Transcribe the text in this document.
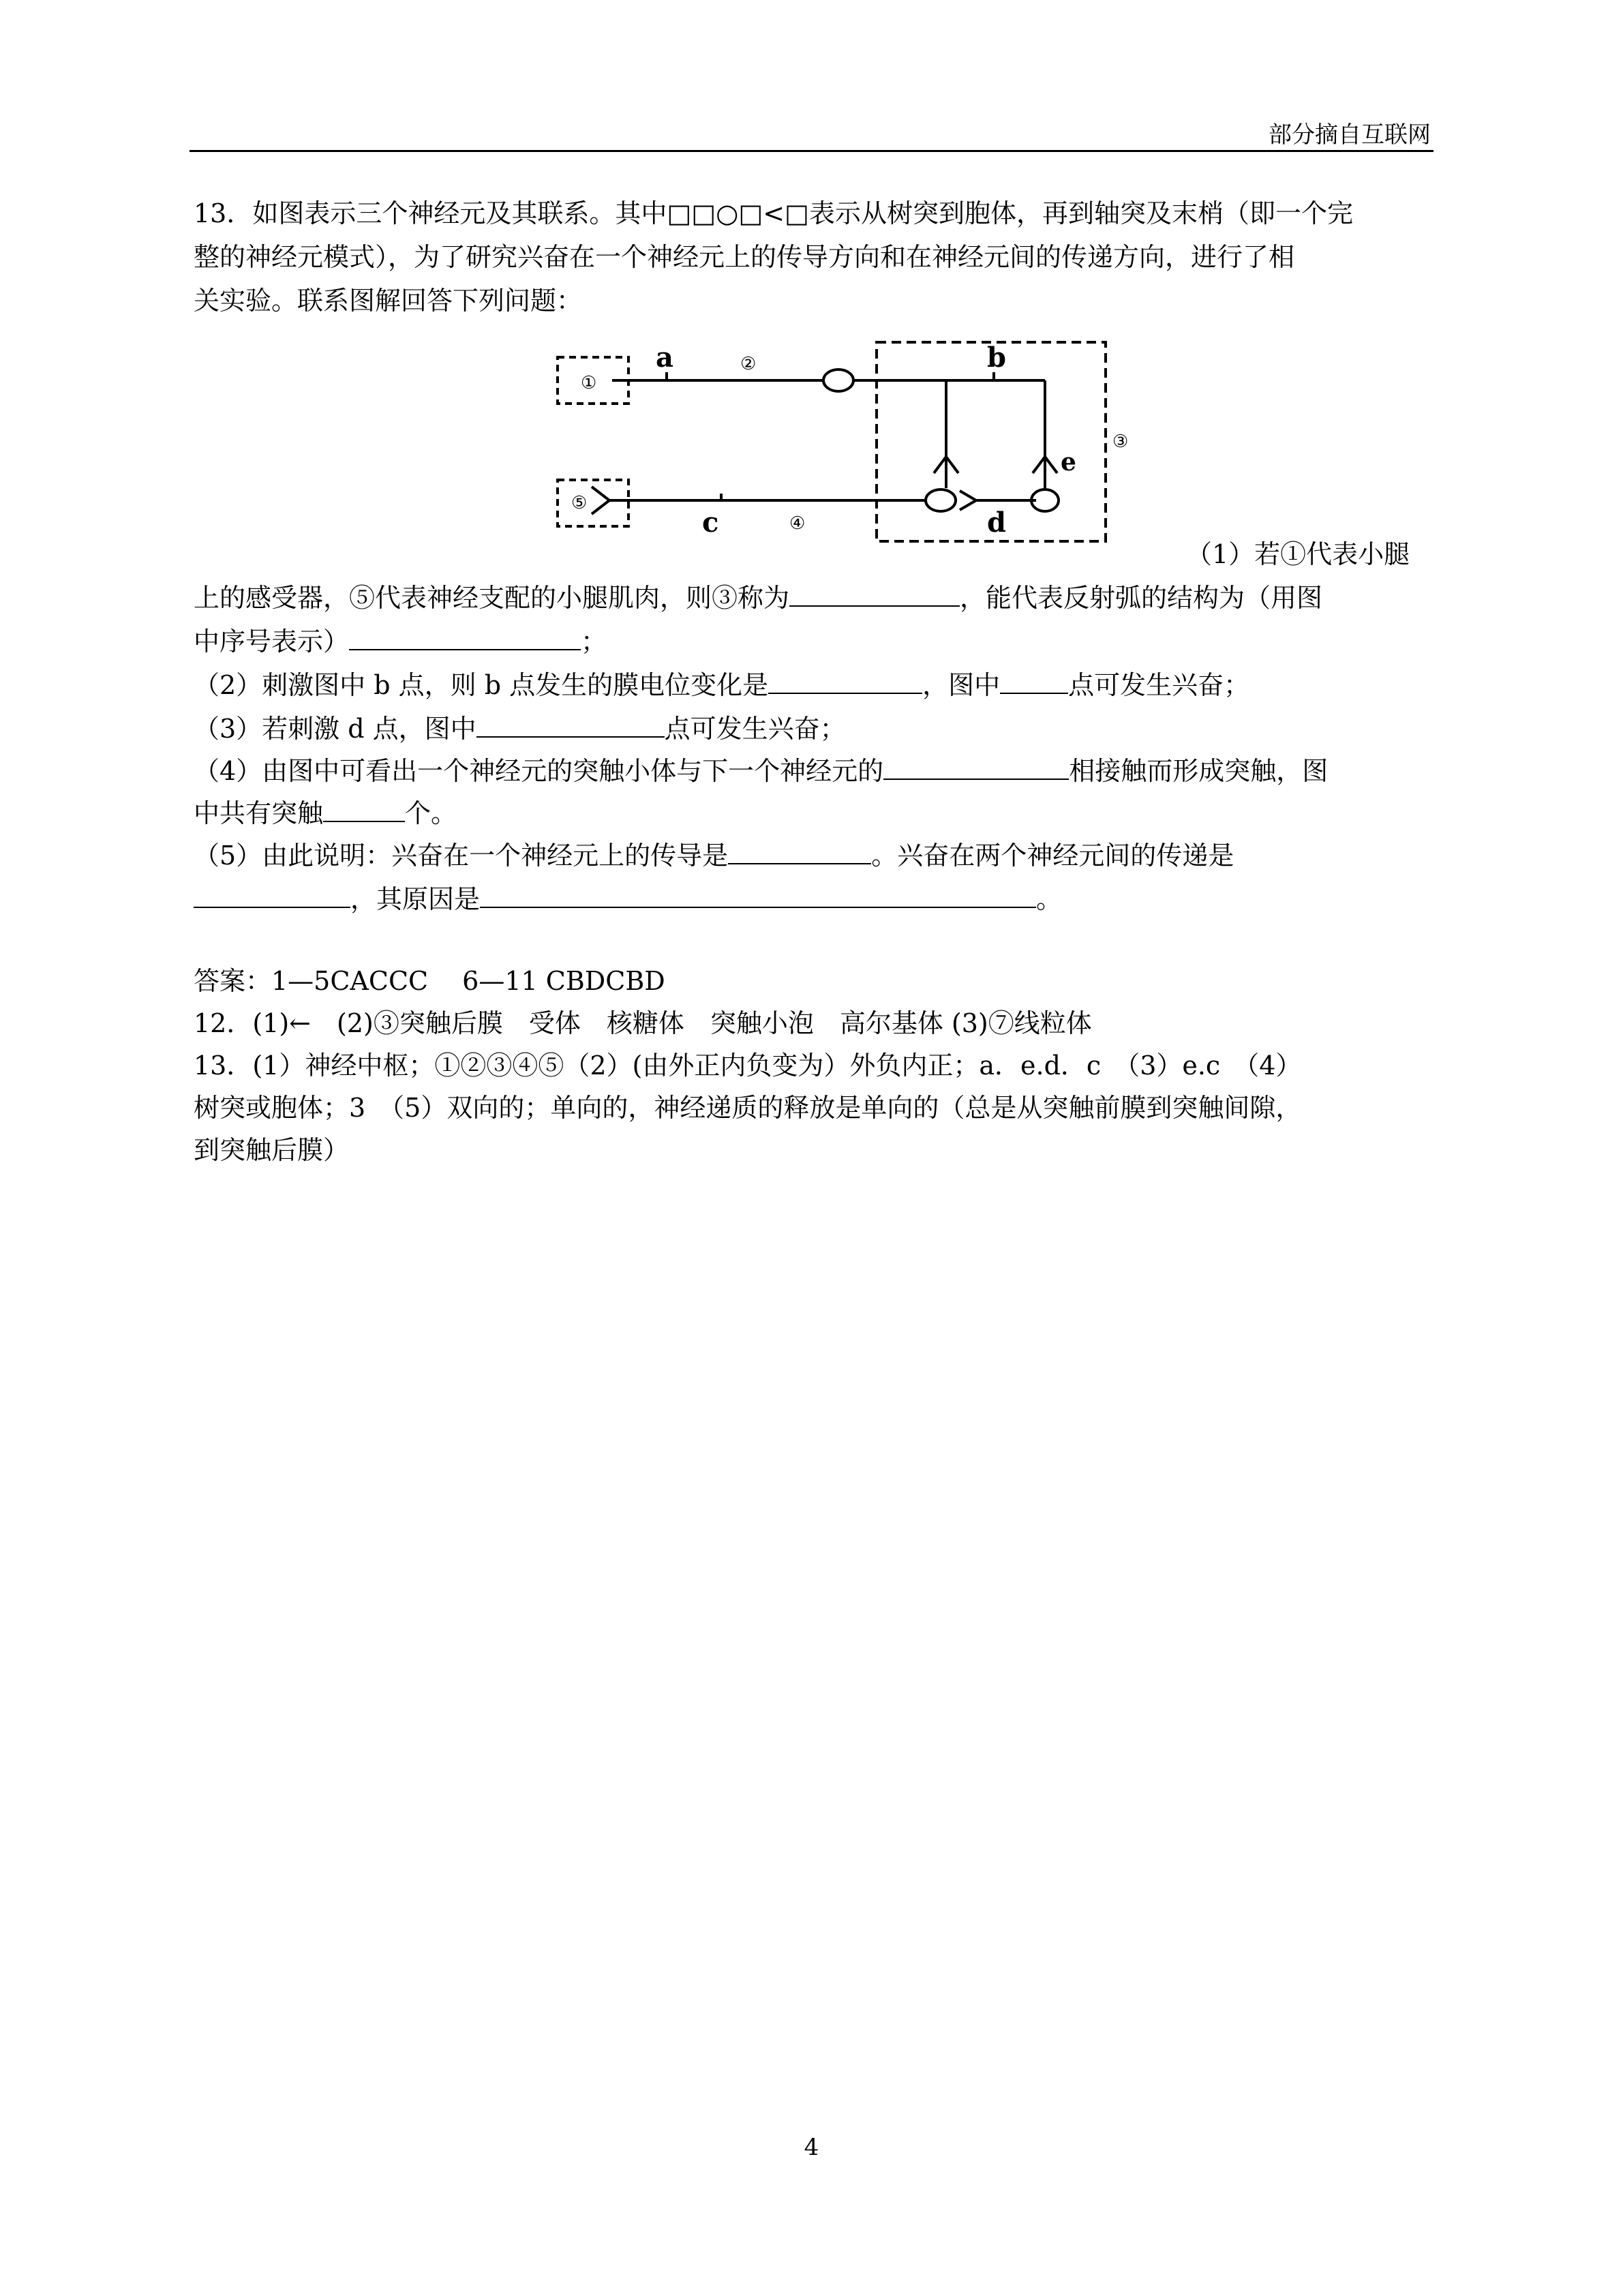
部分摘自互联网
13．如图表示三个神经元及其联系。其中□□○□<□表示从树突到胞体，再到轴突及末梢（即一个完
整的神经元模式），为了研究兴奋在一个神经元上的传导方向和在神经元间的传递方向，进行了相
关实验。联系图解回答下列问题：
①
a	②	b
③
e
⑤
c	④	d
（1）若①代表小腿
上的感受器，⑤代表神经支配的小腿肌肉，则③称为	，能代表反射弧的结构为（用图
中序号表示）	；
（2）刺激图中 b 点，则 b 点发生的膜电位变化是	，图中	点可发生兴奋；
（3）若刺激 d 点，图中	点可发生兴奋；
（4）由图中可看出一个神经元的突触小体与下一个神经元的	相接触而形成突触，图
中共有突触	个。
（5）由此说明：兴奋在一个神经元上的传导是	。兴奋在两个神经元间的传递是
，其原因是	。
答案：1—5CACCC　 6—11 CBDCBD
12．(1)←　(2)③突触后膜　受体　核糖体　突触小泡　高尔基体 (3)⑦线粒体
13．(1）神经中枢；①②③④⑤（2）(由外正内负变为）外负内正；a．e.d．c　（3）e.c　（4）
树突或胞体；3　（5）双向的；单向的，神经递质的释放是单向的（总是从突触前膜到突触间隙，
到突触后膜）
4
